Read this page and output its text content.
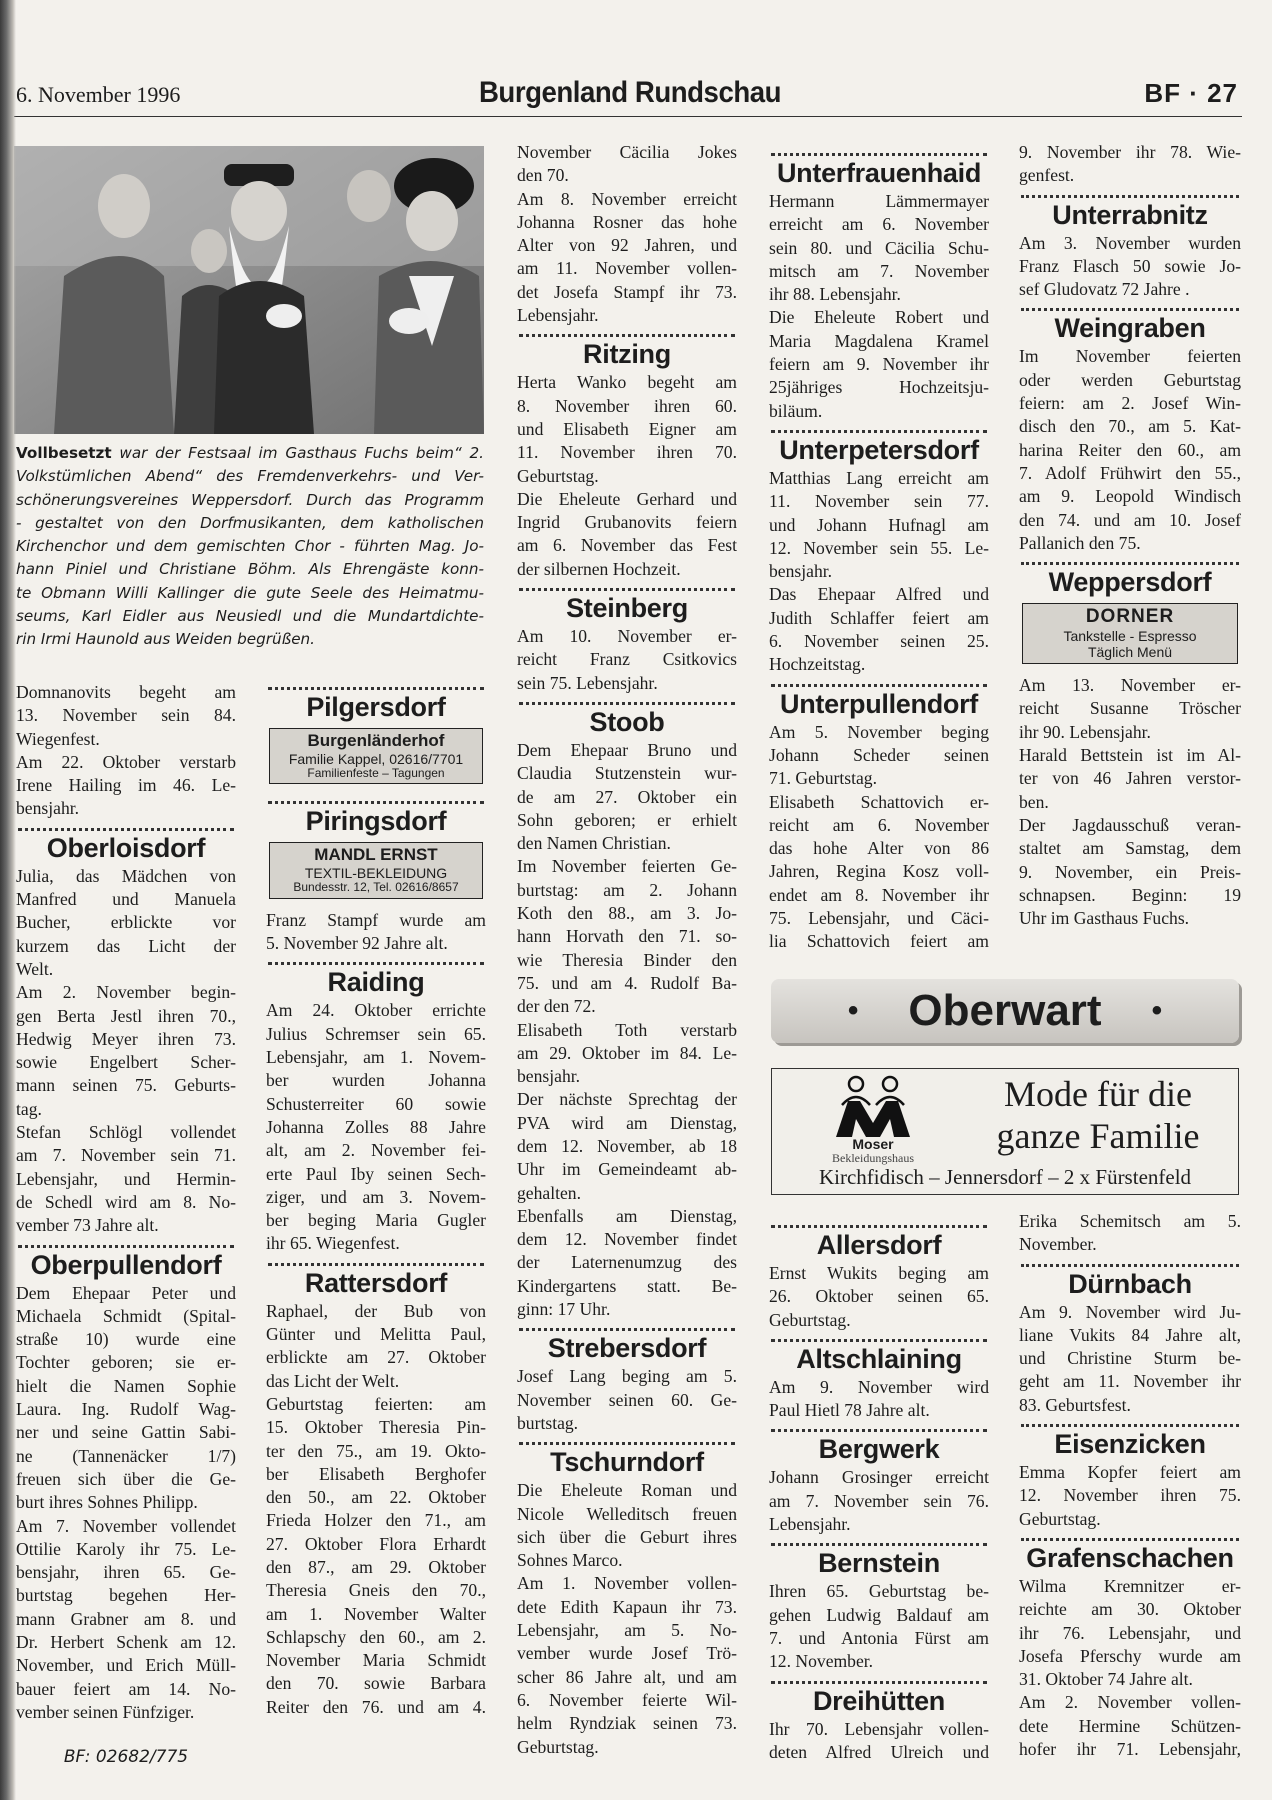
6. November 1996	Burgenland Rundschau	BF · 27
Vollbesetzt war der Festsaal im Gasthaus Fuchs beim“ 2.
Volkstümlichen Abend“ des Fremdenverkehrs- und Ver-
schönerungsvereines Weppersdorf. Durch das Programm
- gestaltet von den Dorfmusikanten, dem katholischen
Kirchenchor und dem gemischten Chor - führten Mag. Jo-
hann Piniel und Christiane Böhm. Als Ehrengäste konn-
te Obmann Willi Kallinger die gute Seele des Heimatmu-
seums, Karl Eidler aus Neusiedl und die Mundartdichte-
rin Irmi Haunold aus Weiden begrüßen.
Domnanovits begeht am
13. November sein 84.
Wiegenfest.
Am 22. Oktober verstarb
Irene Hailing im 46. Le-
bensjahr.
Oberloisdorf
Julia, das Mädchen von
Manfred und Manuela
Bucher, erblickte vor
kurzem das Licht der
Welt.
Am 2. November begin-
gen Berta Jestl ihren 70.,
Hedwig Meyer ihren 73.
sowie Engelbert Scher-
mann seinen 75. Geburts-
tag.
Stefan Schlögl vollendet
am 7. November sein 71.
Lebensjahr, und Hermin-
de Schedl wird am 8. No-
vember 73 Jahre alt.
Oberpullendorf
Dem Ehepaar Peter und
Michaela Schmidt (Spital-
straße 10) wurde eine
Tochter geboren; sie er-
hielt die Namen Sophie
Laura. Ing. Rudolf Wag-
ner und seine Gattin Sabi-
ne (Tannenäcker 1/7)
freuen sich über die Ge-
burt ihres Sohnes Philipp.
Am 7. November vollendet
Ottilie Karoly ihr 75. Le-
bensjahr, ihren 65. Ge-
burtstag begehen Her-
mann Grabner am 8. und
Dr. Herbert Schenk am 12.
November, und Erich Müll-
bauer feiert am 14. No-
vember seinen Fünfziger.
BF: 02682/775
Pilgersdorf
Burgenländerhof
Familie Kappel, 02616/7701
Familienfeste – Tagungen
Piringsdorf
MANDL ERNST
TEXTIL-BEKLEIDUNG
Bundesstr. 12, Tel. 02616/8657
Franz Stampf wurde am
5. November 92 Jahre alt.
Raiding
Am 24. Oktober errichte
Julius Schremser sein 65.
Lebensjahr, am 1. Novem-
ber wurden Johanna
Schusterreiter 60 sowie
Johanna Zolles 88 Jahre
alt, am 2. November fei-
erte Paul Iby seinen Sech-
ziger, und am 3. Novem-
ber beging Maria Gugler
ihr 65. Wiegenfest.
Rattersdorf
Raphael, der Bub von
Günter und Melitta Paul,
erblickte am 27. Oktober
das Licht der Welt.
Geburtstag feierten: am
15. Oktober Theresia Pin-
ter den 75., am 19. Okto-
ber Elisabeth Berghofer
den 50., am 22. Oktober
Frieda Holzer den 71., am
27. Oktober Flora Erhardt
den 87., am 29. Oktober
Theresia Gneis den 70.,
am 1. November Walter
Schlapschy den 60., am 2.
November Maria Schmidt
den 70. sowie Barbara
Reiter den 76. und am 4.
November Cäcilia Jokes
den 70.
Am 8. November erreicht
Johanna Rosner das hohe
Alter von 92 Jahren, und
am 11. November vollen-
det Josefa Stampf ihr 73.
Lebensjahr.
Ritzing
Herta Wanko begeht am
8. November ihren 60.
und Elisabeth Eigner am
11. November ihren 70.
Geburtstag.
Die Eheleute Gerhard und
Ingrid Grubanovits feiern
am 6. November das Fest
der silbernen Hochzeit.
Steinberg
Am 10. November er-
reicht Franz Csitkovics
sein 75. Lebensjahr.
Stoob
Dem Ehepaar Bruno und
Claudia Stutzenstein wur-
de am 27. Oktober ein
Sohn geboren; er erhielt
den Namen Christian.
Im November feierten Ge-
burtstag: am 2. Johann
Koth den 88., am 3. Jo-
hann Horvath den 71. so-
wie Theresia Binder den
75. und am 4. Rudolf Ba-
der den 72.
Elisabeth Toth verstarb
am 29. Oktober im 84. Le-
bensjahr.
Der nächste Sprechtag der
PVA wird am Dienstag,
dem 12. November, ab 18
Uhr im Gemeindeamt ab-
gehalten.
Ebenfalls am Dienstag,
dem 12. November findet
der Laternenumzug des
Kindergartens statt. Be-
ginn: 17 Uhr.
Strebersdorf
Josef Lang beging am 5.
November seinen 60. Ge-
burtstag.
Tschurndorf
Die Eheleute Roman und
Nicole Welleditsch freuen
sich über die Geburt ihres
Sohnes Marco.
Am 1. November vollen-
dete Edith Kapaun ihr 73.
Lebensjahr, am 5. No-
vember wurde Josef Trö-
scher 86 Jahre alt, und am
6. November feierte Wil-
helm Ryndziak seinen 73.
Geburtstag.
Unterfrauenhaid
Hermann Lämmermayer
erreicht am 6. November
sein 80. und Cäcilia Schu-
mitsch am 7. November
ihr 88. Lebensjahr.
Die Eheleute Robert und
Maria Magdalena Kramel
feiern am 9. November ihr
25jähriges Hochzeitsju-
biläum.
Unterpetersdorf
Matthias Lang erreicht am
11. November sein 77.
und Johann Hufnagl am
12. November sein 55. Le-
bensjahr.
Das Ehepaar Alfred und
Judith Schlaffer feiert am
6. November seinen 25.
Hochzeitstag.
Unterpullendorf
Am 5. November beging
Johann Scheder seinen
71. Geburtstag.
Elisabeth Schattovich er-
reicht am 6. November
das hohe Alter von 86
Jahren, Regina Kosz voll-
endet am 8. November ihr
75. Lebensjahr, und Cäci-
lia Schattovich feiert am
9. November ihr 78. Wie-
genfest.
Unterrabnitz
Am 3. November wurden
Franz Flasch 50 sowie Jo-
sef Gludovatz 72 Jahre .
Weingraben
Im November feierten
oder werden Geburtstag
feiern: am 2. Josef Win-
disch den 70., am 5. Kat-
harina Reiter den 60., am
7. Adolf Frühwirt den 55.,
am 9. Leopold Windisch
den 74. und am 10. Josef
Pallanich den 75.
Weppersdorf
DORNER
Tankstelle - Espresso
Täglich Menü
Am 13. November er-
reicht Susanne Tröscher
ihr 90. Lebensjahr.
Harald Bettstein ist im Al-
ter von 46 Jahren verstor-
ben.
Der Jagdausschuß veran-
staltet am Samstag, dem
9. November, ein Preis-
schnapsen. Beginn: 19
Uhr im Gasthaus Fuchs.
Allersdorf
Ernst Wukits beging am
26. Oktober seinen 65.
Geburtstag.
Altschlaining
Am 9. November wird
Paul Hietl 78 Jahre alt.
Bergwerk
Johann Grosinger erreicht
am 7. November sein 76.
Lebensjahr.
Bernstein
Ihren 65. Geburtstag be-
gehen Ludwig Baldauf am
7. und Antonia Fürst am
12. November.
Dreihütten
Ihr 70. Lebensjahr vollen-
deten Alfred Ulreich und
Erika Schemitsch am 5.
November.
Dürnbach
Am 9. November wird Ju-
liane Vukits 84 Jahre alt,
und Christine Sturm be-
geht am 11. November ihr
83. Geburtsfest.
Eisenzicken
Emma Kopfer feiert am
12. November ihren 75.
Geburtstag.
Grafenschachen
Wilma Kremnitzer er-
reichte am 30. Oktober
ihr 76. Lebensjahr, und
Josefa Pferschy wurde am
31. Oktober 74 Jahre alt.
Am 2. November vollen-
dete Hermine Schützen-
hofer ihr 71. Lebensjahr,
• Oberwart •
Moser
Bekleidungshaus
Mode für die
ganze Familie
Kirchfidisch – Jennersdorf – 2 x Fürstenfeld
